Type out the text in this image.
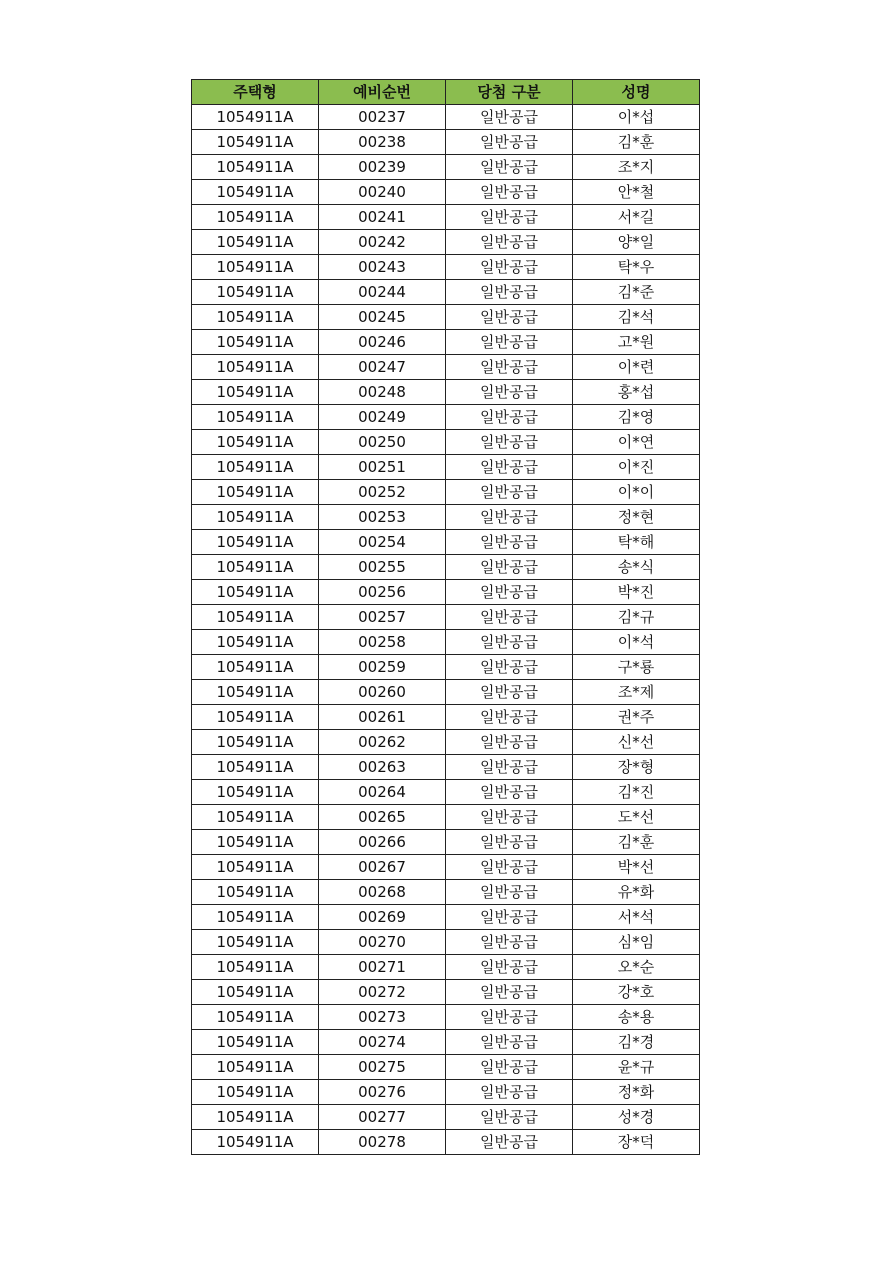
주택형	예비순번	당첨 구분	성명
1054911A	00237	일반공급	이*섭
1054911A	00238	일반공급	김*훈
1054911A	00239	일반공급	조*지
1054911A	00240	일반공급	안*철
1054911A	00241	일반공급	서*길
1054911A	00242	일반공급	양*일
1054911A	00243	일반공급	탁*우
1054911A	00244	일반공급	김*준
1054911A	00245	일반공급	김*석
1054911A	00246	일반공급	고*원
1054911A	00247	일반공급	이*련
1054911A	00248	일반공급	홍*섭
1054911A	00249	일반공급	김*영
1054911A	00250	일반공급	이*연
1054911A	00251	일반공급	이*진
1054911A	00252	일반공급	이*이
1054911A	00253	일반공급	정*현
1054911A	00254	일반공급	탁*해
1054911A	00255	일반공급	송*식
1054911A	00256	일반공급	박*진
1054911A	00257	일반공급	김*규
1054911A	00258	일반공급	이*석
1054911A	00259	일반공급	구*룡
1054911A	00260	일반공급	조*제
1054911A	00261	일반공급	권*주
1054911A	00262	일반공급	신*선
1054911A	00263	일반공급	장*형
1054911A	00264	일반공급	김*진
1054911A	00265	일반공급	도*선
1054911A	00266	일반공급	김*훈
1054911A	00267	일반공급	박*선
1054911A	00268	일반공급	유*화
1054911A	00269	일반공급	서*석
1054911A	00270	일반공급	심*임
1054911A	00271	일반공급	오*순
1054911A	00272	일반공급	강*호
1054911A	00273	일반공급	송*용
1054911A	00274	일반공급	김*경
1054911A	00275	일반공급	윤*규
1054911A	00276	일반공급	정*화
1054911A	00277	일반공급	성*경
1054911A	00278	일반공급	장*덕
